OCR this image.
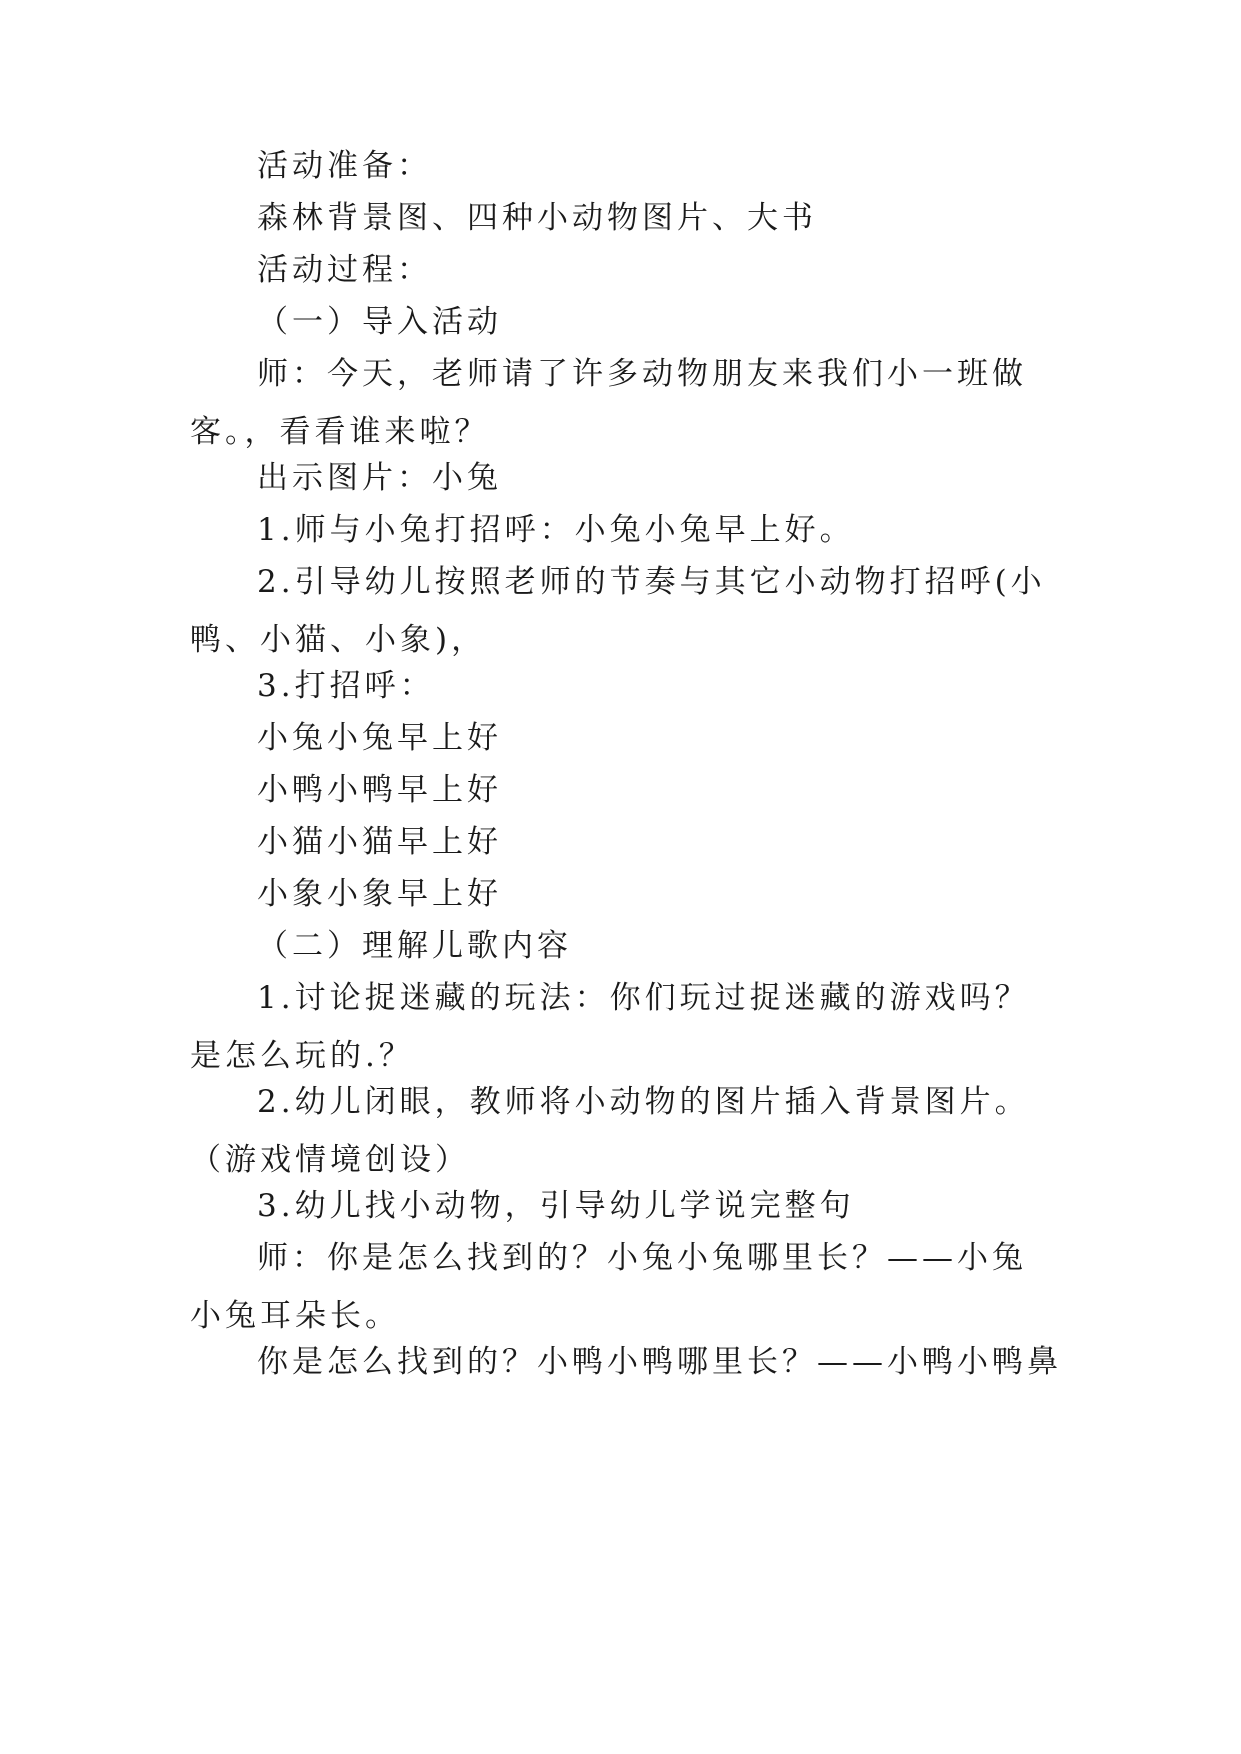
活动准备：

森林背景图、四种小动物图片、大书

活动过程：

（一）导入活动

师：今天，老师请了许多动物朋友来我们小一班做客。，看看谁来啦？

出示图片：小兔

1.师与小兔打招呼：小兔小兔早上好。

2.引导幼儿按照老师的节奏与其它小动物打招呼(小鸭、小猫、小象)，

3.打招呼：

小兔小兔早上好

小鸭小鸭早上好

小猫小猫早上好

小象小象早上好

（二）理解儿歌内容

1.讨论捉迷藏的玩法：你们玩过捉迷藏的游戏吗？是怎么玩的.？

2.幼儿闭眼，教师将小动物的图片插入背景图片。（游戏情境创设）

3.幼儿找小动物，引导幼儿学说完整句

师：你是怎么找到的？小兔小兔哪里长？——小兔小兔耳朵长。

你是怎么找到的？小鸭小鸭哪里长？——小鸭小鸭鼻
